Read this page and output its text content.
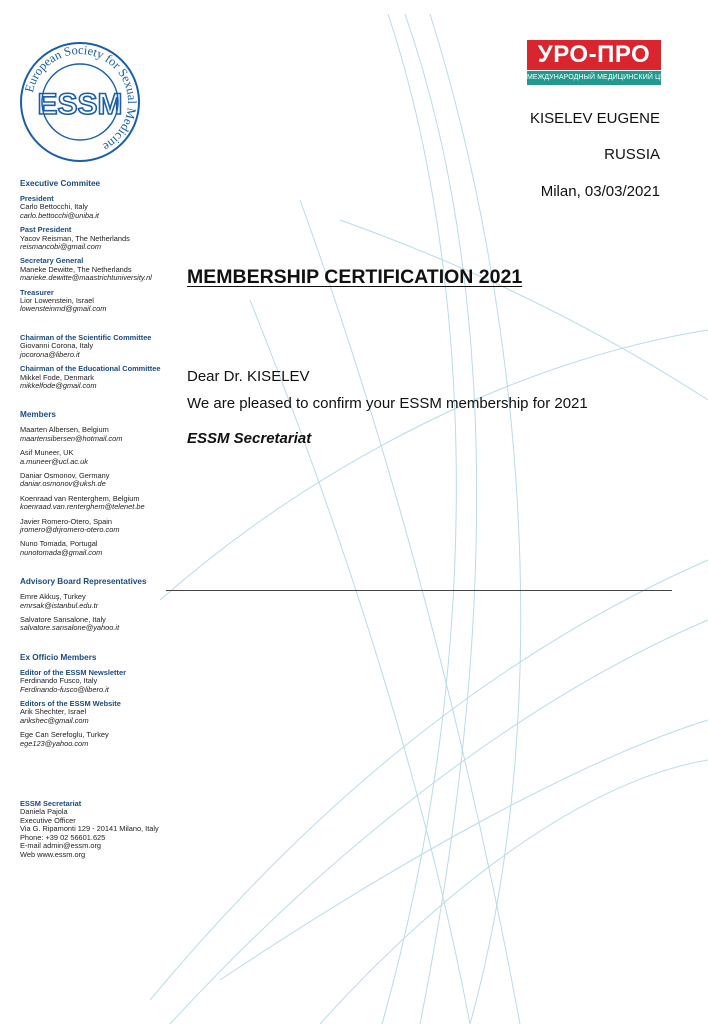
European Society for Sexual Medicine
ESSM
УРО-ПРО
МЕЖДУНАРОДНЫЙ МЕДИЦИНСКИЙ ЦЕНТР
KISELEV EUGENE
RUSSIA
Milan, 03/03/2021
MEMBERSHIP CERTIFICATION 2021
Dear Dr. KISELEV
We are pleased to confirm your ESSM membership for 2021
ESSM Secretariat
Executive Commitee
President
Carlo Bettocchi, Italy
carlo.bettocchi@uniba.it
Past President
Yacov Reisman, The Netherlands
reismancobi@gmail.com
Secretary General
Maneke Dewitte, The Netherlands
marieke.dewitte@maastrichtuniversity.nl
Treasurer
Lior Lowenstein, Israel
lowensteinmd@gmail.com
Chairman of the Scientific Committee
Giovanni Corona, Italy
jocorona@libero.it
Chairman of the Educational Committee
Mikkel Fode, Denmark
mikkelfode@gmail.com
Members
Maarten Albersen, Belgium
maartensibersen@hotmail.com
Asif Muneer, UK
a.muneer@ucl.ac.uk
Daniar Osmonov, Germany
daniar.osmonov@uksh.de
Koenraad van Renterghem, Belgium
koenraad.van.renterghem@telenet.be
Javier Romero-Otero, Spain
jromero@drjromero-otero.com
Nuno Tomada, Portugal
nunotomada@gmail.com
Advisory Board Representatives
Emre Akkuş, Turkey
emrsak@istanbul.edu.tr
Salvatore Sansalone, Italy
salvatore.sansalone@yahoo.it
Ex Officio Members
Editor of the ESSM Newsletter
Ferdinando Fusco, Italy
Ferdinando-fusco@libero.it
Editors of the ESSM Website
Arik Shechter, Israel
arikshec@gmail.com
Ege Can Serefoglu, Turkey
ege123@yahoo.com
ESSM Secretariat
Daniela Pajola
Executive Officer
Via G. Ripamonti 129 - 20141 Milano, Italy
Phone: +39 02 56601.625
E-mail admin@essm.org
Web www.essm.org
